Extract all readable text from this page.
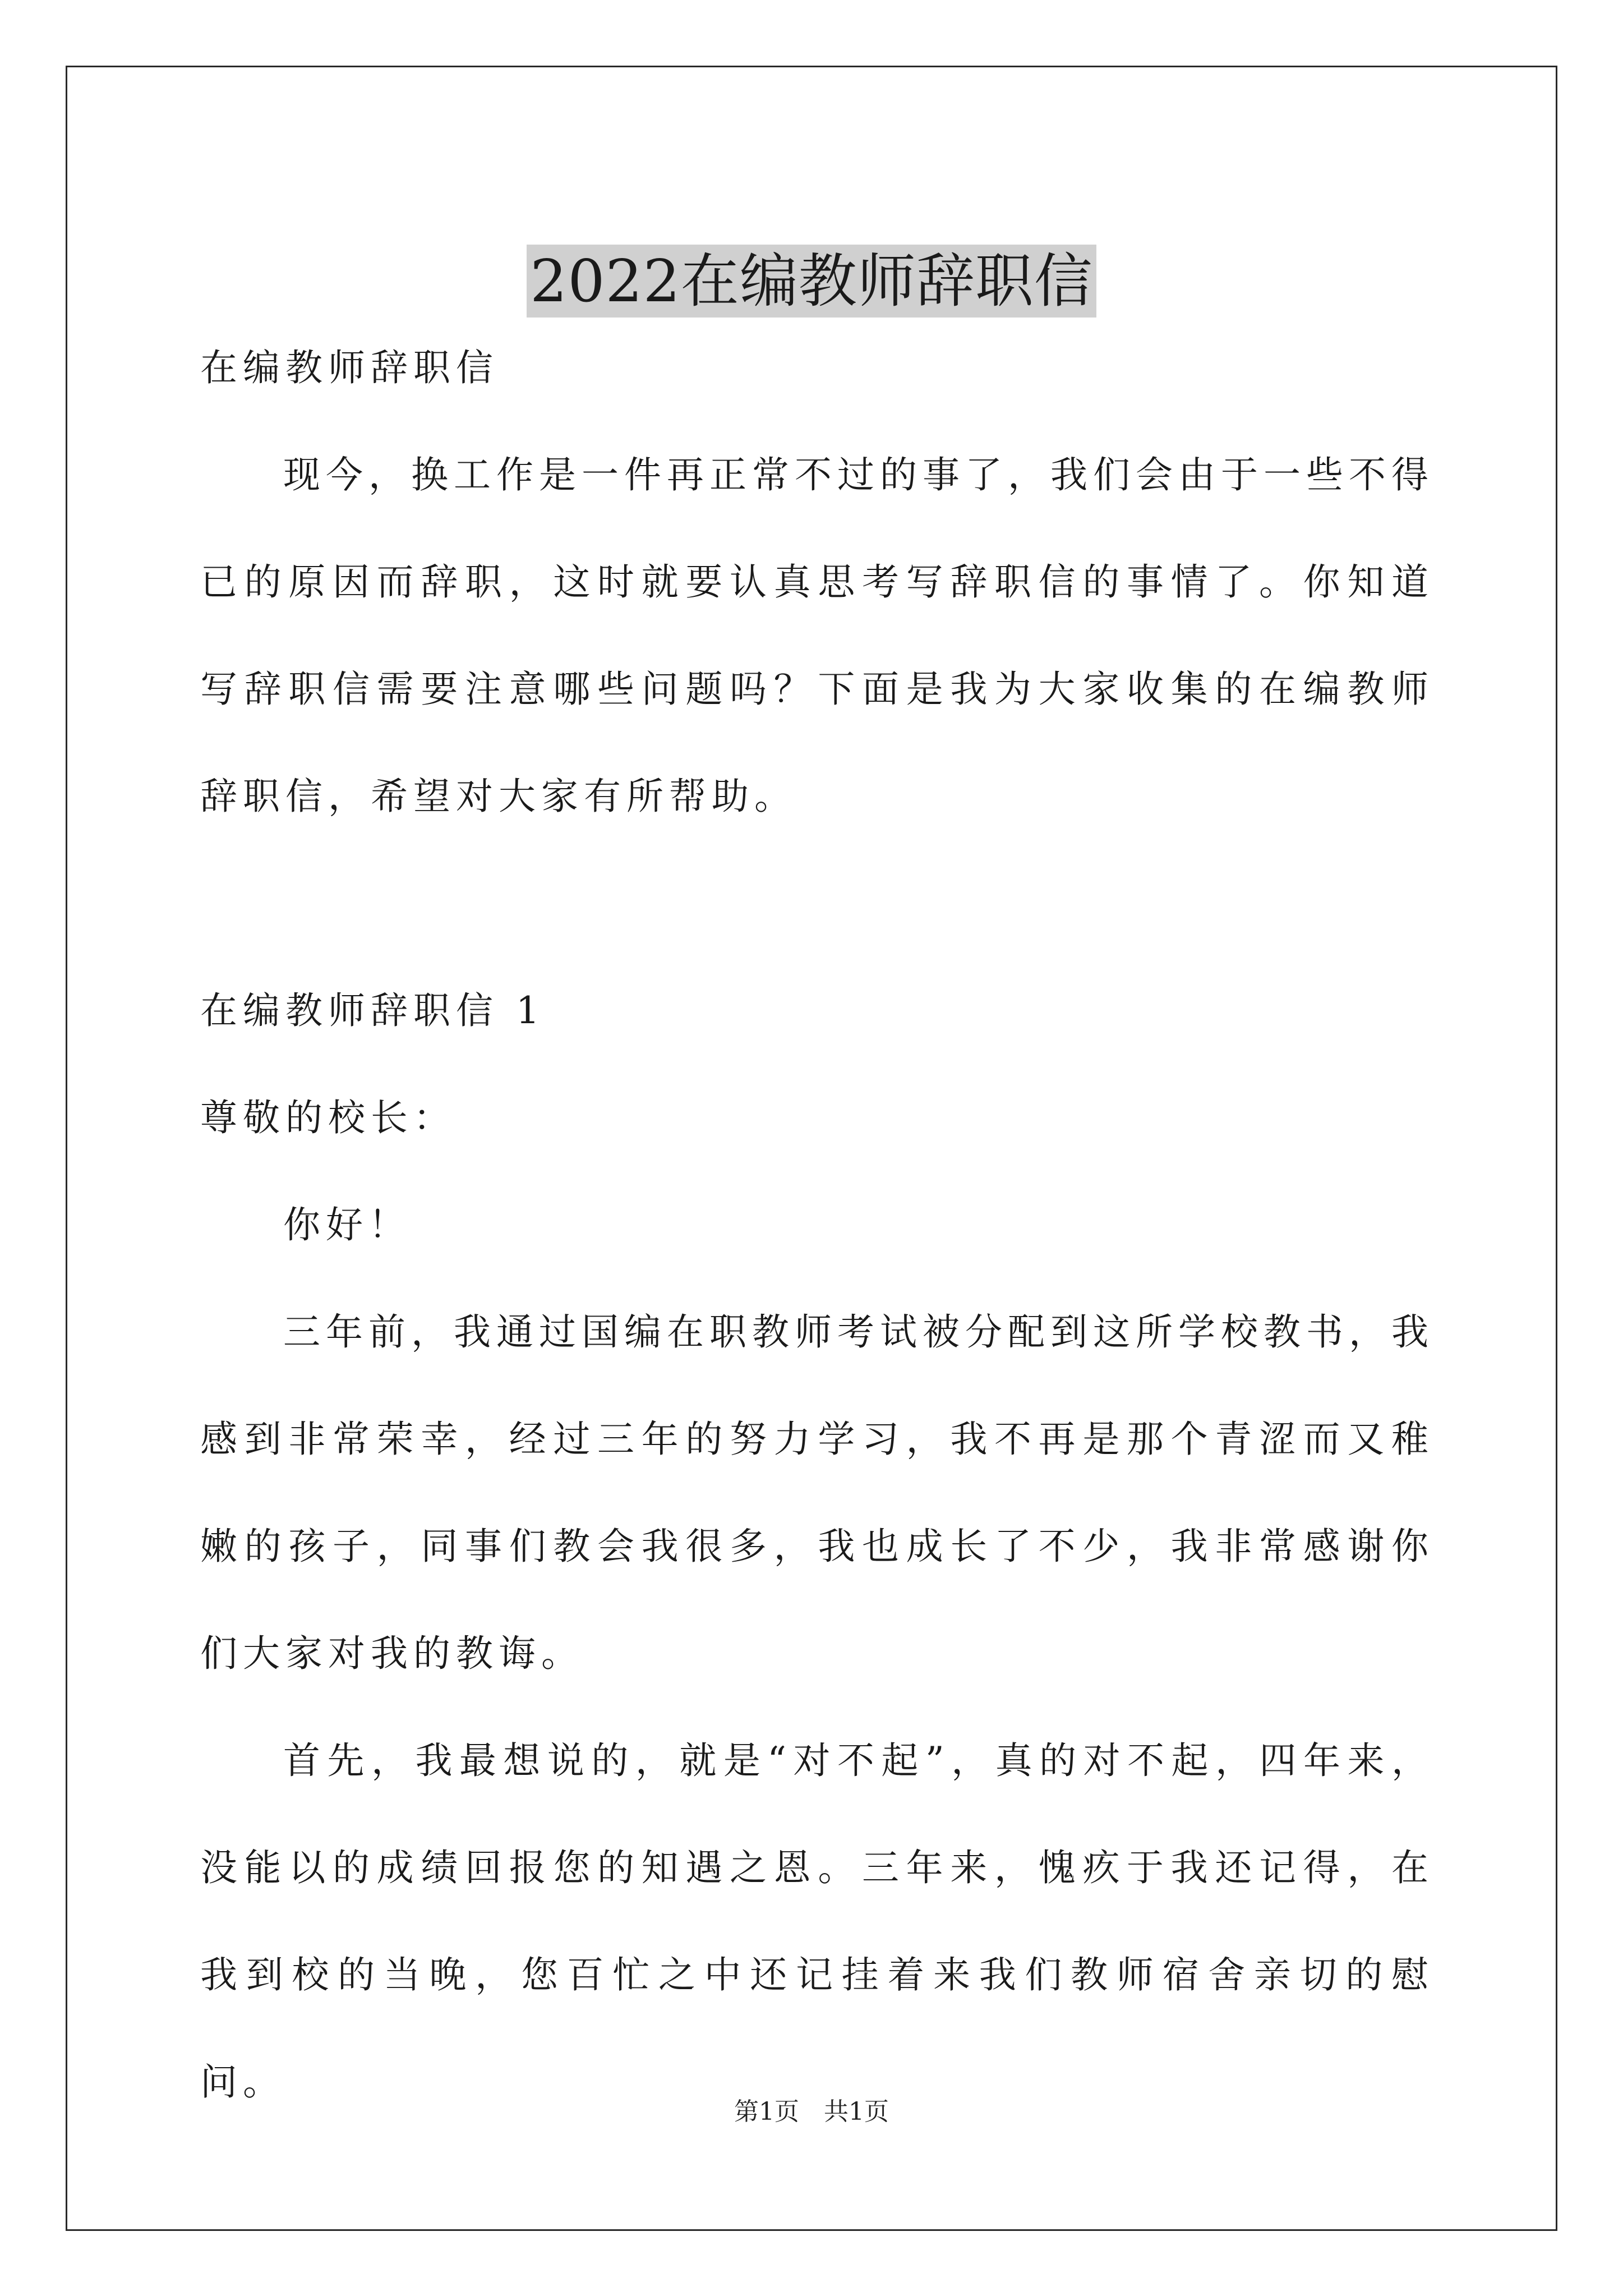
2022在编教师辞职信

在编教师辞职信

现今，换工作是一件再正常不过的事了，我们会由于一些不得已的原因而辞职，这时就要认真思考写辞职信的事情了。你知道写辞职信需要注意哪些问题吗？下面是我为大家收集的在编教师辞职信，希望对大家有所帮助。

在编教师辞职信 1

尊敬的校长：

你好！

三年前，我通过国编在职教师考试被分配到这所学校教书，我感到非常荣幸，经过三年的努力学习，我不再是那个青涩而又稚嫩的孩子，同事们教会我很多，我也成长了不少，我非常感谢你们大家对我的教诲。

首先，我最想说的，就是“对不起”，真的对不起，四年来，没能以的成绩回报您的知遇之恩。三年来，愧疚于我还记得，在我到校的当晚，您百忙之中还记挂着来我们教师宿舍亲切的慰问。

第1页　共1页
